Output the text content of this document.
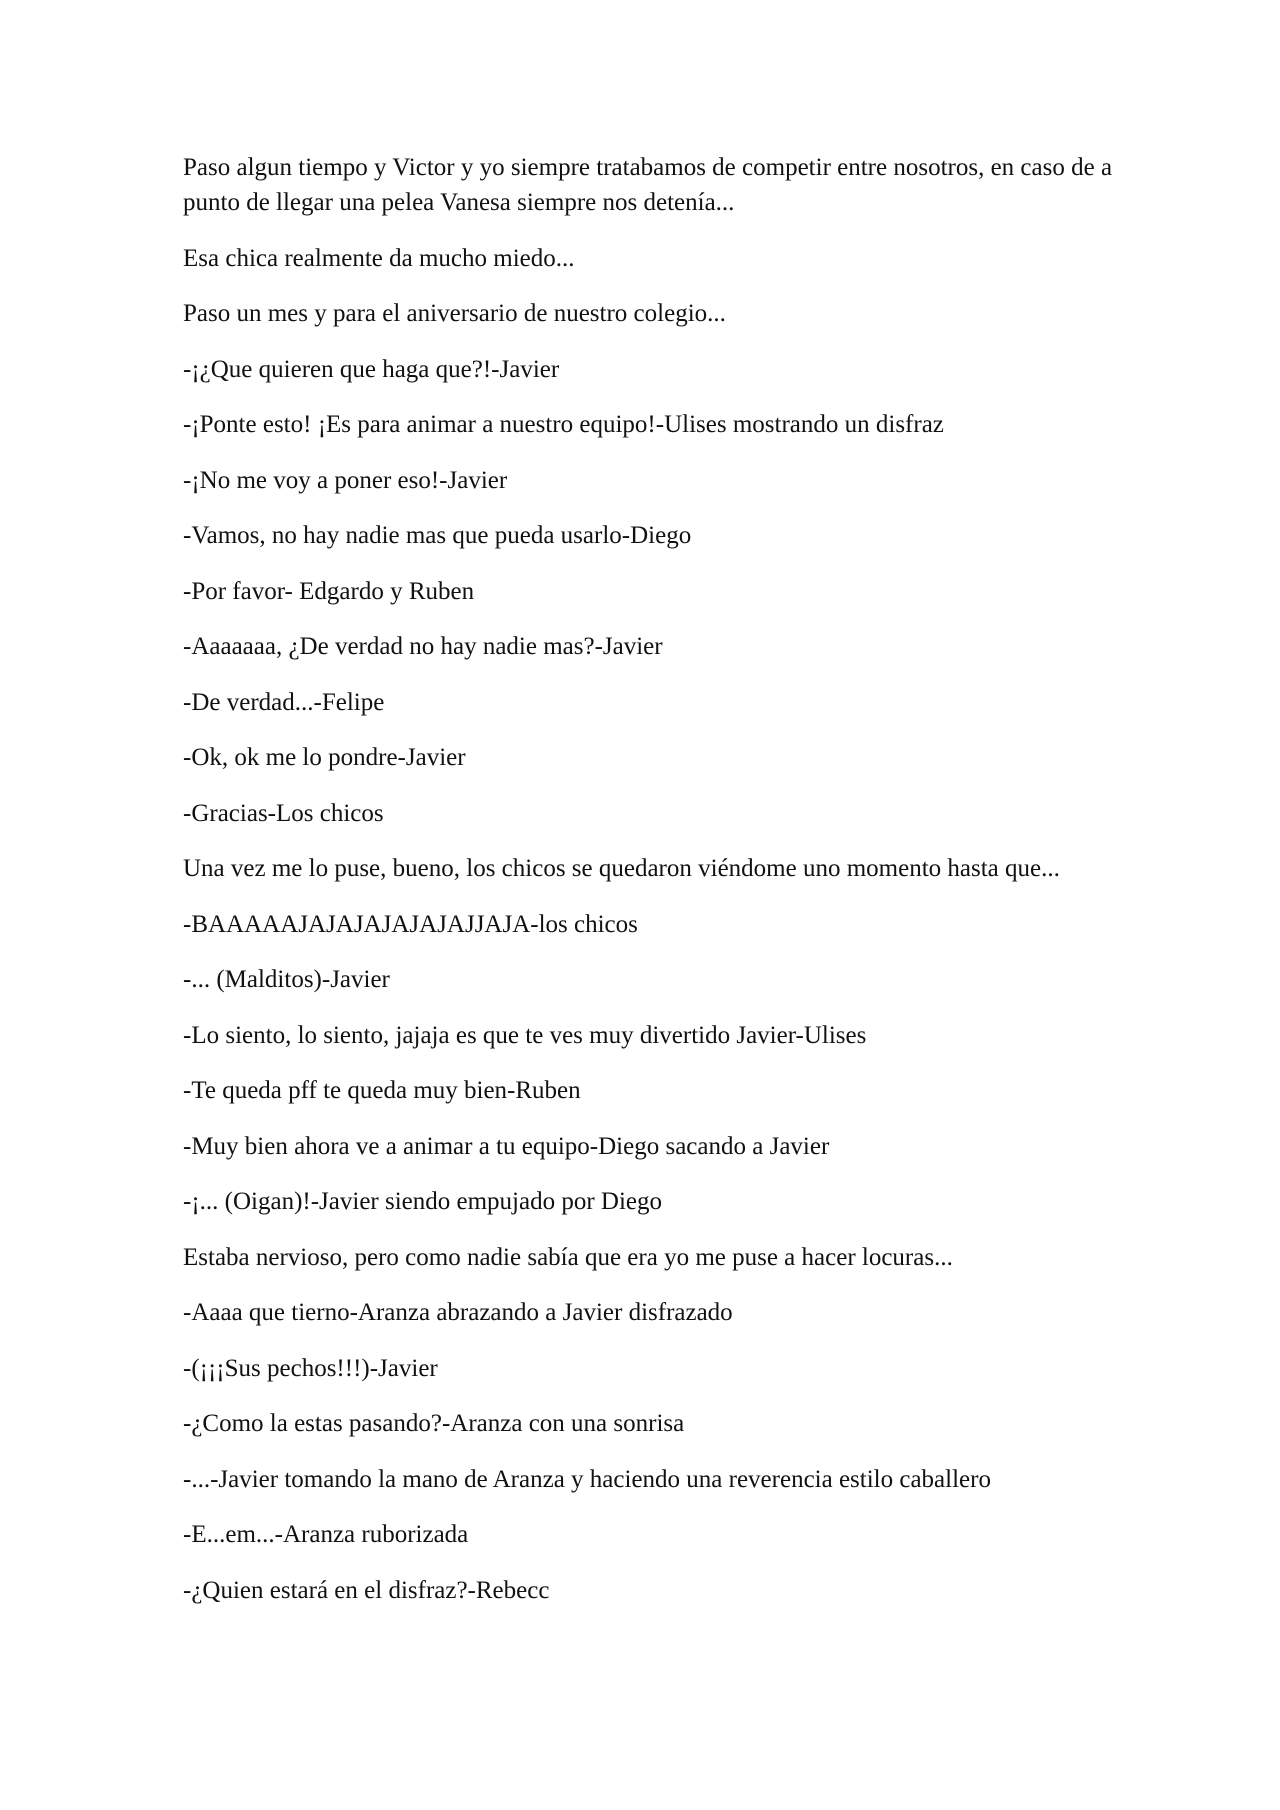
Paso algun tiempo y Victor y yo siempre tratabamos de competir entre nosotros, en caso de a punto de llegar una pelea Vanesa siempre nos detenía...

Esa chica realmente da mucho miedo...

Paso un mes y para el aniversario de nuestro colegio...

-¡¿Que quieren que haga que?!-Javier

-¡Ponte esto! ¡Es para animar a nuestro equipo!-Ulises mostrando un disfraz

-¡No me voy a poner eso!-Javier

-Vamos, no hay nadie mas que pueda usarlo-Diego

-Por favor- Edgardo y Ruben

-Aaaaaaa, ¿De verdad no hay nadie mas?-Javier

-De verdad...-Felipe

-Ok, ok me lo pondre-Javier

-Gracias-Los chicos

Una vez me lo puse, bueno, los chicos se quedaron viéndome uno momento hasta que...

-BAAAAAJAJAJAJAJAJAJJAJA-los chicos

-... (Malditos)-Javier

-Lo siento, lo siento, jajaja es que te ves muy divertido Javier-Ulises

-Te queda pff te queda muy bien-Ruben

-Muy bien ahora ve a animar a tu equipo-Diego sacando a Javier

-¡... (Oigan)!-Javier siendo empujado por Diego

Estaba nervioso, pero como nadie sabía que era yo me puse a hacer locuras...

-Aaaa que tierno-Aranza abrazando a Javier disfrazado

-(¡¡¡Sus pechos!!!)-Javier

-¿Como la estas pasando?-Aranza con una sonrisa

-...-Javier tomando la mano de Aranza y haciendo una reverencia estilo caballero

-E...em...-Aranza ruborizada

-¿Quien estará en el disfraz?-Rebecc
